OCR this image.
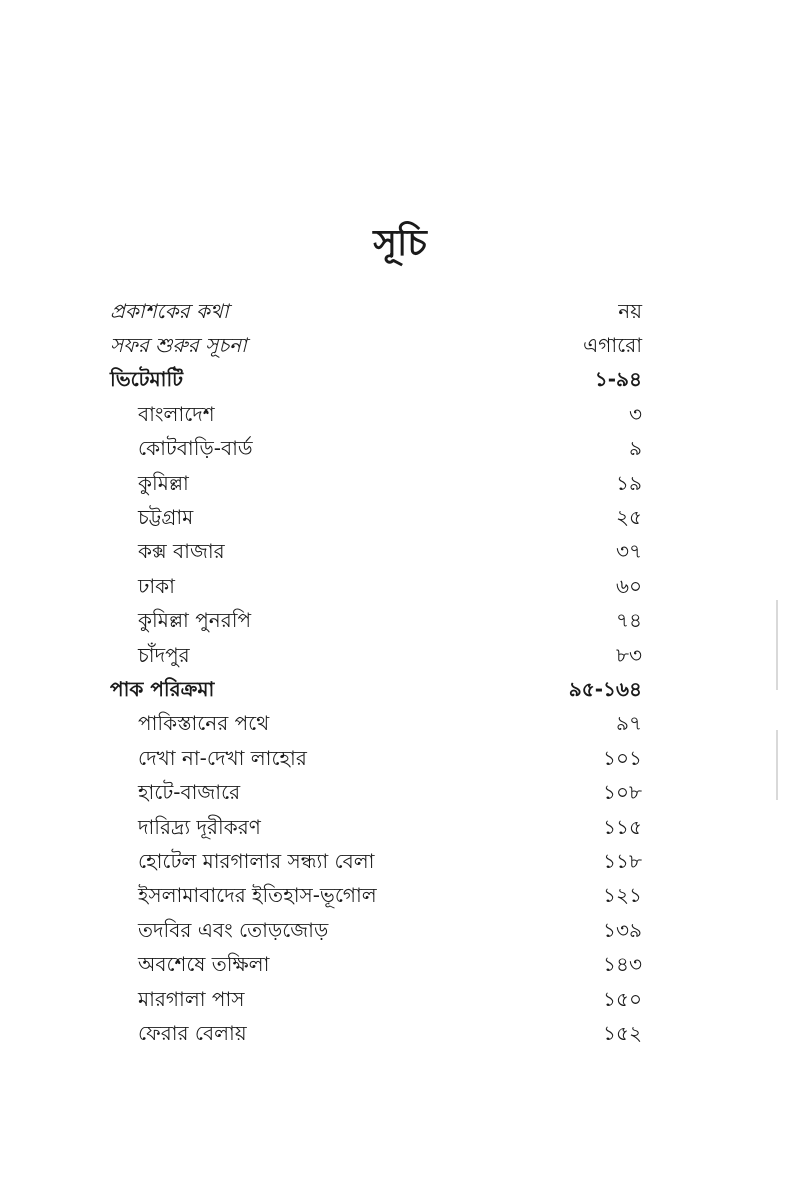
সূচি
প্রকাশকের কথা	নয়
সফর শুরুর সূচনা	এগারো
ভিটেমাটি	১-৯৪
বাংলাদেশ	৩
কোটবাড়ি-বার্ড	৯
কুমিল্লা	১৯
চট্টগ্রাম	২৫
কক্স বাজার	৩৭
ঢাকা	৬০
কুমিল্লা পুনরপি	৭৪
চাঁদপুর	৮৩
পাক পরিক্রমা	৯৫-১৬৪
পাকিস্তানের পথে	৯৭
দেখা না-দেখা লাহোর	১০১
হাটে-বাজারে	১০৮
দারিদ্র্য দূরীকরণ	১১৫
হোটেল মারগালার সন্ধ্যা বেলা	১১৮
ইসলামাবাদের ইতিহাস-ভূগোল	১২১
তদবির এবং তোড়জোড়	১৩৯
অবশেষে তক্ষিলা	১৪৩
মারগালা পাস	১৫০
ফেরার বেলায়	১৫২
